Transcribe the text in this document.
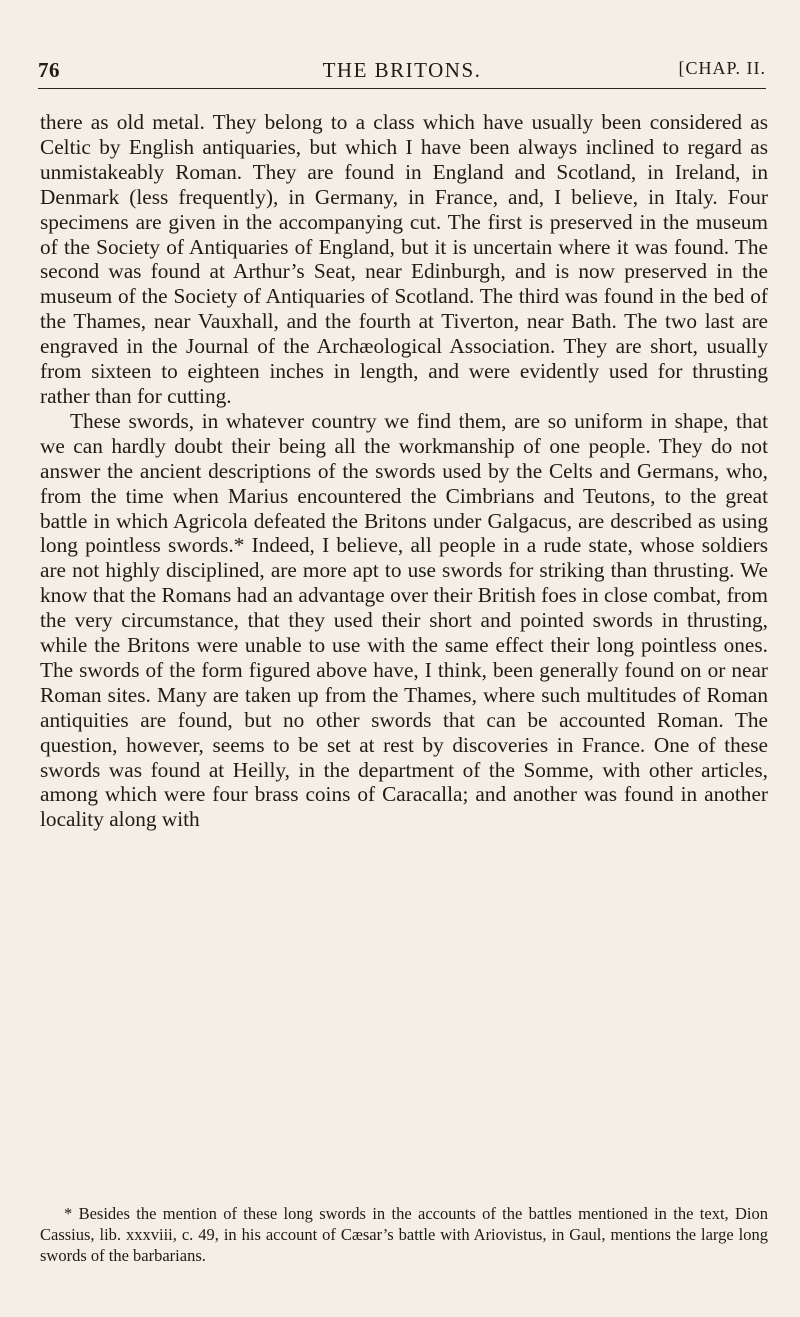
76	THE BRITONS.	[CHAP. II.

there as old metal. They belong to a class which have usually been considered as Celtic by English antiquaries, but which I have been always inclined to regard as unmistakeably Roman. They are found in England and Scotland, in Ireland, in Denmark (less frequently), in Germany, in France, and, I believe, in Italy. Four specimens are given in the accompanying cut. The first is preserved in the museum of the Society of Antiquaries of England, but it is uncertain where it was found. The second was found at Arthur’s Seat, near Edinburgh, and is now preserved in the museum of the Society of Antiquaries of Scotland. The third was found in the bed of the Thames, near Vauxhall, and the fourth at Tiverton, near Bath. The two last are engraved in the Journal of the Archæological Association. They are short, usually from sixteen to eighteen inches in length, and were evidently used for thrusting rather than for cutting.

These swords, in whatever country we find them, are so uniform in shape, that we can hardly doubt their being all the workmanship of one people. They do not answer the ancient descriptions of the swords used by the Celts and Germans, who, from the time when Marius encountered the Cimbrians and Teutons, to the great battle in which Agricola defeated the Britons under Galgacus, are described as using long pointless swords.* Indeed, I believe, all people in a rude state, whose soldiers are not highly disciplined, are more apt to use swords for striking than thrusting. We know that the Romans had an advantage over their British foes in close combat, from the very circumstance, that they used their short and pointed swords in thrusting, while the Britons were unable to use with the same effect their long pointless ones. The swords of the form figured above have, I think, been generally found on or near Roman sites. Many are taken up from the Thames, where such multitudes of Roman antiquities are found, but no other swords that can be accounted Roman. The question, however, seems to be set at rest by discoveries in France. One of these swords was found at Heilly, in the department of the Somme, with other articles, among which were four brass coins of Caracalla; and another was found in another locality along with

* Besides the mention of these long swords in the accounts of the battles mentioned in the text, Dion Cassius, lib. xxxviii, c. 49, in his account of Cæsar’s battle with Ariovistus, in Gaul, mentions the large long swords of the barbarians.
